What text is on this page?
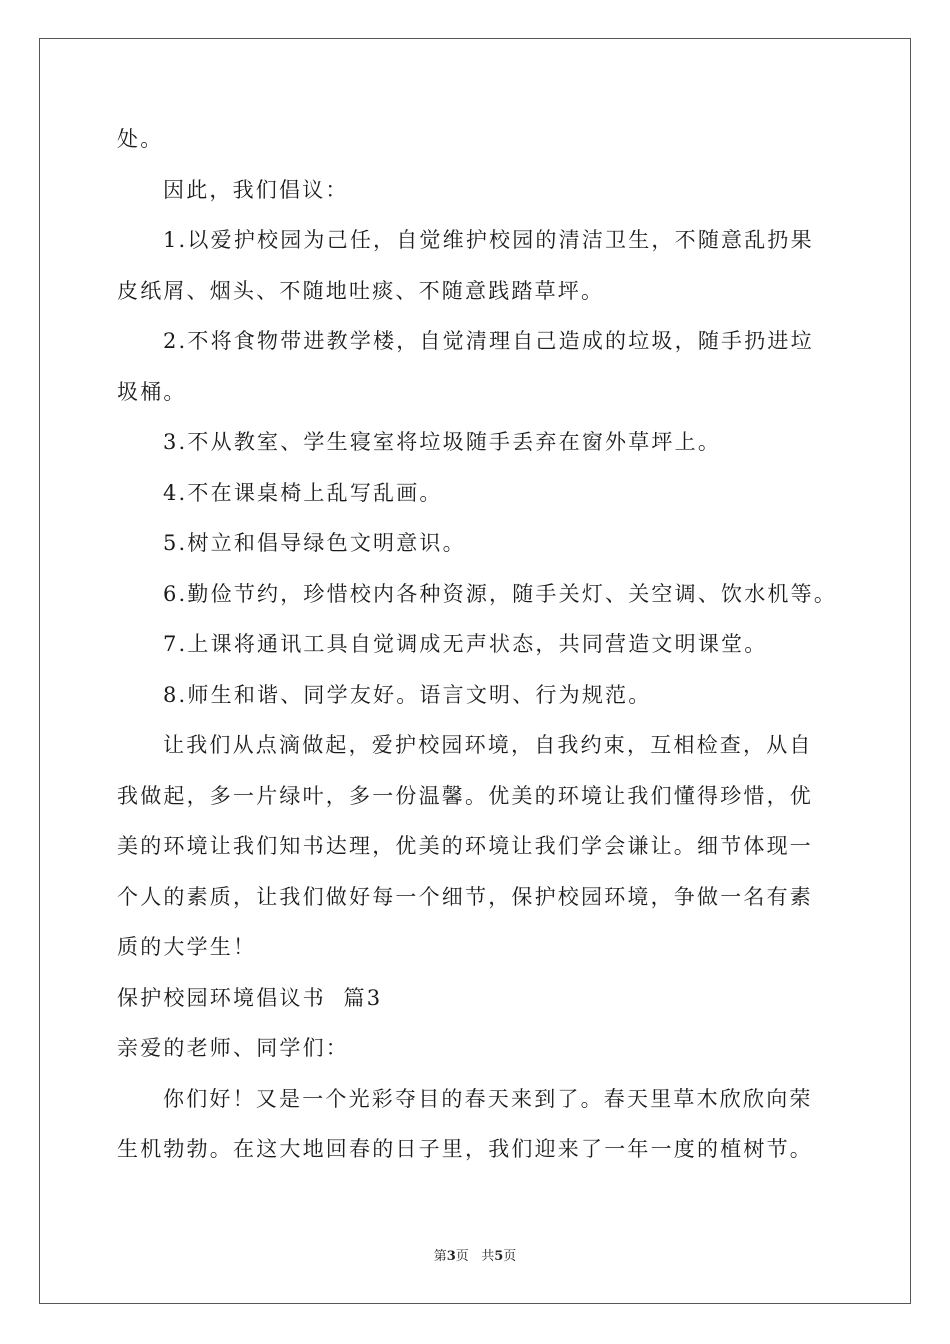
处。
因此，我们倡议：
1.以爱护校园为己任，自觉维护校园的清洁卫生，不随意乱扔果
皮纸屑、烟头、不随地吐痰、不随意践踏草坪。
2.不将食物带进教学楼，自觉清理自己造成的垃圾，随手扔进垃
圾桶。
3.不从教室、学生寝室将垃圾随手丢弃在窗外草坪上。
4.不在课桌椅上乱写乱画。
5.树立和倡导绿色文明意识。
6.勤俭节约，珍惜校内各种资源，随手关灯、关空调、饮水机等。
7.上课将通讯工具自觉调成无声状态，共同营造文明课堂。
8.师生和谐、同学友好。语言文明、行为规范。
让我们从点滴做起，爱护校园环境，自我约束，互相检查，从自
我做起，多一片绿叶，多一份温馨。优美的环境让我们懂得珍惜，优
美的环境让我们知书达理，优美的环境让我们学会谦让。细节体现一
个人的素质，让我们做好每一个细节，保护校园环境，争做一名有素
质的大学生！
保护校园环境倡议书  篇3
亲爱的老师、同学们：
你们好！又是一个光彩夺目的春天来到了。春天里草木欣欣向荣
生机勃勃。在这大地回春的日子里，我们迎来了一年一度的植树节。
第3页 共5页
